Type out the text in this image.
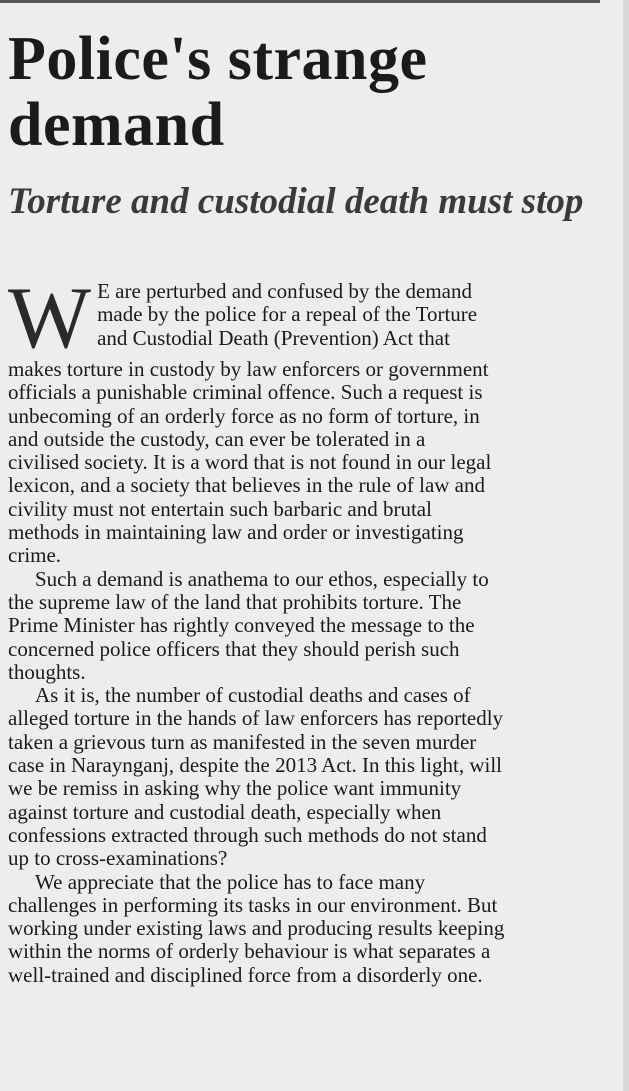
Police's strange demand
Torture and custodial death must stop

W E are perturbed and confused by the demand
made by the police for a repeal of the Torture
and Custodial Death (Prevention) Act that
makes torture in custody by law enforcers or government
officials a punishable criminal offence. Such a request is
unbecoming of an orderly force as no form of torture, in
and outside the custody, can ever be tolerated in a
civilised society. It is a word that is not found in our legal
lexicon, and a society that believes in the rule of law and
civility must not entertain such barbaric and brutal
methods in maintaining law and order or investigating
crime.

Such a demand is anathema to our ethos, especially to
the supreme law of the land that prohibits torture. The
Prime Minister has rightly conveyed the message to the
concerned police officers that they should perish such
thoughts.

As it is, the number of custodial deaths and cases of
alleged torture in the hands of law enforcers has reportedly
taken a grievous turn as manifested in the seven murder
case in Naraynganj, despite the 2013 Act. In this light, will
we be remiss in asking why the police want immunity
against torture and custodial death, especially when
confessions extracted through such methods do not stand
up to cross-examinations?

We appreciate that the police has to face many
challenges in performing its tasks in our environment. But
working under existing laws and producing results keeping
within the norms of orderly behaviour is what separates a
well-trained and disciplined force from a disorderly one.
